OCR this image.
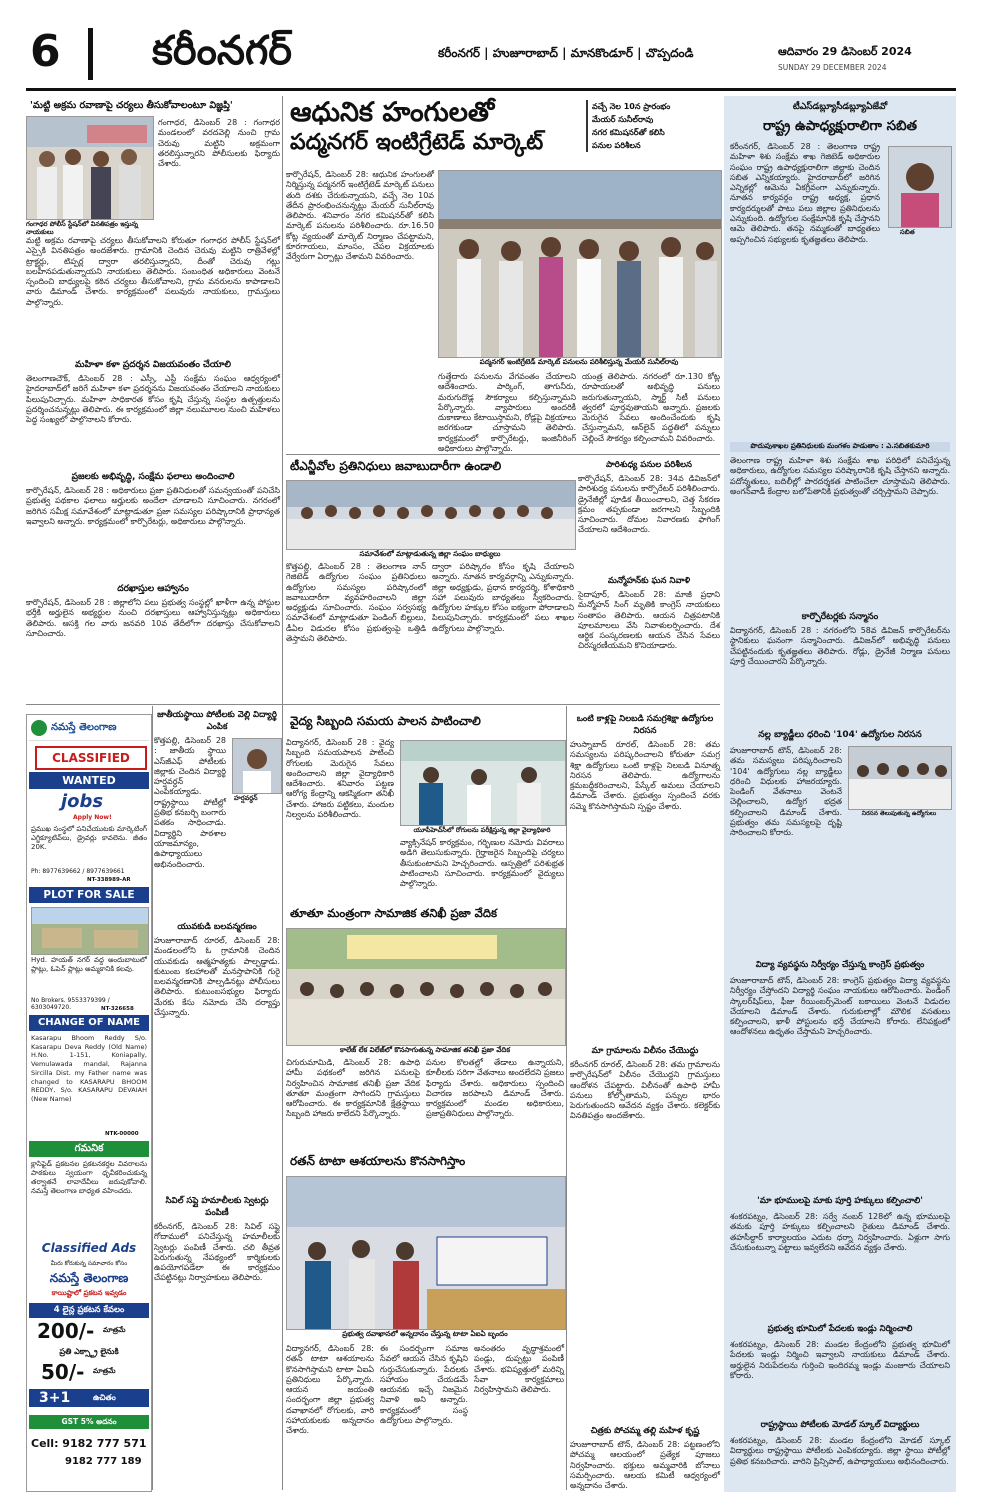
6 కరీంనగర్	కరీంనగర్ | హుజూరాబాద్ | మానకొండూర్ | చొప్పదండి	ఆదివారం 29 డిసెంబర్ 2024
SUNDAY 29 DECEMBER 2024
'మట్టి అక్రమ రవాణాపై చర్యలు తీసుకోవాలంటూ విజ్ఞప్తి'
గంగాధర పోలీస్ స్టేషన్‌లో వినతిపత్రం ఇస్తున్న నాయకులు
గంగాధర, డిసెంబర్ 28 : గంగాధర మండలంలో వరదవెల్లి నుంచి గ్రామ చెరువు మట్టిని అక్రమంగా తరలిస్తున్నారని పోలీసులకు ఫిర్యాదు చేశారు.
మట్టి అక్రమ రవాణాపై చర్యలు తీసుకోవాలని కోరుతూ గంగాధర పోలీస్ స్టేషన్‌లో ఎస్సైకి వినతిపత్రం అందజేశారు. గ్రామానికి చెందిన చెరువు మట్టిని రాత్రివేళల్లో ట్రాక్టర్లు, టిప్పర్ల ద్వారా తరలిస్తున్నారని, దీంతో చెరువు గట్లు బలహీనపడుతున్నాయని నాయకులు తెలిపారు. సంబంధిత అధికారులు వెంటనే స్పందించి బాధ్యులపై కఠిన చర్యలు తీసుకోవాలని, గ్రామ వనరులను కాపాడాలని వారు డిమాండ్ చేశారు. కార్యక్రమంలో పలువురు నాయకులు, గ్రామస్తులు పాల్గొన్నారు.
మహిళా కళా ప్రదర్శన విజయవంతం చేయాలి
తెలంగాణచౌక్, డిసెంబర్ 28 : ఎస్సీ, ఎస్టీ సంక్షేమ సంఘం ఆధ్వర్యంలో హైదరాబాద్‌లో జరిగే మహిళా కళా ప్రదర్శనను విజయవంతం చేయాలని నాయకులు పిలుపునిచ్చారు. మహిళా సాధికారత కోసం కృషి చేస్తున్న సంస్థల ఉత్పత్తులను ప్రదర్శించనున్నట్లు తెలిపారు. ఈ కార్యక్రమంలో జిల్లా నలుమూలల నుంచి మహిళలు పెద్ద సంఖ్యలో పాల్గొనాలని కోరారు.
ప్రజలకు అభివృద్ధి, సంక్షేమ ఫలాలు అందించాలి
కార్పొరేషన్, డిసెంబర్ 28 : అధికారులు ప్రజా ప్రతినిధులతో సమన్వయంతో పనిచేసి ప్రభుత్వ పథకాల ఫలాలు అర్హులకు అందేలా చూడాలని సూచించారు. నగరంలో జరిగిన సమీక్ష సమావేశంలో మాట్లాడుతూ ప్రజా సమస్యల పరిష్కారానికి ప్రాధాన్యత ఇవ్వాలని అన్నారు. కార్యక్రమంలో కార్పొరేటర్లు, అధికారులు పాల్గొన్నారు.
దరఖాస్తుల ఆహ్వానం
కార్పొరేషన్, డిసెంబర్ 28 : జిల్లాలోని పలు ప్రభుత్వ సంస్థల్లో ఖాళీగా ఉన్న పోస్టుల భర్తీకి అర్హులైన అభ్యర్థుల నుంచి దరఖాస్తులు ఆహ్వానిస్తున్నట్లు అధికారులు తెలిపారు. ఆసక్తి గల వారు జనవరి 10వ తేదీలోగా దరఖాస్తు చేసుకోవాలని సూచించారు.
నమస్తే తెలంగాణ
CLASSIFIED
WANTED
jobs
Apply Now!
ప్రముఖ సంస్థలో పనిచేయుటకు మార్కెటింగ్ ఎగ్జిక్యూటివ్‌లు, డ్రైవర్లు కావలెను. జీతం 20K.
Ph: 8977639662 / 8977639661
NT-338989-AR
PLOT FOR SALE
Hyd. హయత్ నగర్ వద్ద అందుబాటులో ప్లాట్లు, ఓపెన్ ప్లాట్లు అమ్మకానికి కలవు.
No Brokers. 9553379399 / 6303049720.	NT-326658
CHANGE OF NAME
Kasarapu Bhoom Reddy S/o. Kasarapu Deva Reddy (Old Name) H.No. 1-151, Koniapally, Vemulawada mandal, Rajanna Sircilla Dist. my Father name was changed to KASARAPU BHOOM REDDY, S/o. KASARAPU DEVAIAH (New Name)
NTK-00000
గమనిక
క్లాసిఫైడ్ ప్రకటనల ప్రకటనకర్తల వివరాలను పాఠకులు స్వయంగా ధృవీకరించుకున్న తర్వాతనే లావాదేవీలు జరుపుకోవాలి. నమస్తే తెలంగాణ బాధ్యత వహించదు.
Classified Ads
మీరు కోరుకున్న సమాచారం కోసం
నమస్తే తెలంగాణ
కాయిష్టాలో ప్రకటన ఇవ్వడం
4 లైన్ల ప్రకటన కేవలం
200/- మాత్రమే
ప్రతి ఎక్స్ట్రా లైనుకి
50/- మాత్రమే
3+1	ఉచితం
GST 5% అదనం
Cell: 9182 777 571
9182 777 189
జాతీయస్థాయి పోటీలకు వెల్లి విద్యార్థి ఎంపిక
కొత్తపల్లి, డిసెంబర్ 28 : జాతీయ స్థాయి ఎస్‌జీఎఫ్ పోటీలకు జిల్లాకు చెందిన విద్యార్థి హర్షవర్ధన్ ఎంపికయ్యాడు. రాష్ట్రస్థాయి పోటీల్లో ప్రతిభ కనబర్చి బంగారు పతకం సాధించాడు. విద్యార్థిని పాఠశాల యాజమాన్యం, ఉపాధ్యాయులు అభినందించారు.
హర్షవర్ధన్
యువకుడి బలవన్మరణం
హుజూరాబాద్ రూరల్, డిసెంబర్ 28: మండలంలోని ఓ గ్రామానికి చెందిన యువకుడు ఆత్మహత్యకు పాల్పడ్డాడు. కుటుంబ కలహాలతో మనస్తాపానికి గురై బలవన్మరణానికి పాల్పడినట్లు పోలీసులు తెలిపారు. కుటుంబసభ్యుల ఫిర్యాదు మేరకు కేసు నమోదు చేసి దర్యాప్తు చేస్తున్నారు.
సివిల్ సప్లై హమాలీలకు స్వెటర్లు పంపిణీ
కరీంనగర్, డిసెంబర్ 28: సివిల్ సప్లై గోదాములో పనిచేస్తున్న హమాలీలకు స్వెటర్లు పంపిణీ చేశారు. చలి తీవ్రత పెరుగుతున్న నేపథ్యంలో కార్మికులకు ఉపయోగపడేలా ఈ కార్యక్రమం చేపట్టినట్లు నిర్వాహకులు తెలిపారు.
ఆధునిక హంగులతో
పద్మనగర్ ఇంటిగ్రేటెడ్ మార్కెట్
వచ్చే నెల 10న ప్రారంభం
మేయర్ సునీల్‌రావు
నగర కమిషనర్‌తో కలిసి
పనుల పరిశీలన
కార్పొరేషన్, డిసెంబర్ 28: ఆధునిక హంగులతో నిర్మిస్తున్న పద్మనగర్ ఇంటిగ్రేటెడ్ మార్కెట్ పనులు తుది దశకు చేరుకున్నాయని, వచ్చే నెల 10వ తేదీన ప్రారంభించనున్నట్లు మేయర్ సునీల్‌రావు తెలిపారు. శనివారం నగర కమిషనర్‌తో కలిసి మార్కెట్ పనులను పరిశీలించారు. రూ.16.50 కోట్ల వ్యయంతో మార్కెట్ నిర్మాణం చేపట్టామని, కూరగాయలు, మాంసం, చేపల విక్రయాలకు వేర్వేరుగా ఏర్పాట్లు చేశామని వివరించారు.
పద్మనగర్ ఇంటిగ్రేటెడ్ మార్కెట్ పనులను పరిశీలిస్తున్న మేయర్ సునీల్‌రావు
గుత్తేదారు పనులను వేగవంతం చేయాలని ఆదేశించారు. పార్కింగ్, తాగునీరు, మరుగుదొడ్ల సౌకర్యాలు కల్పిస్తున్నామని పేర్కొన్నారు. వ్యాపారులు అందరికీ దుకాణాలు కేటాయిస్తామని, రోడ్లపై విక్రయాలు జరగకుండా చూస్తామని తెలిపారు. కార్యక్రమంలో కార్పొరేటర్లు, ఇంజినీరింగ్ అధికారులు పాల్గొన్నారు.
యంత్ర తెలిపారు. నగరంలో రూ.130 కోట్ల రూపాయలతో అభివృద్ధి పనులు జరుగుతున్నాయని, స్మార్ట్ సిటీ పనులు త్వరలో పూర్తవుతాయని అన్నారు. ప్రజలకు మెరుగైన సేవలు అందించేందుకు కృషి చేస్తున్నామని, ఆన్‌లైన్ పద్ధతిలో పన్నులు చెల్లించే సౌకర్యం కల్పించామని వివరించారు.
టీఎన్జీవోల ప్రతినిధులు జవాబుదారీగా ఉండాలి
సమావేశంలో మాట్లాడుతున్న జిల్లా సంఘం బాధ్యులు
కొత్తపల్లి, డిసెంబర్ 28 : తెలంగాణ నాన్ గెజిటెడ్ ఉద్యోగుల సంఘం ప్రతినిధులు ఉద్యోగుల సమస్యల పరిష్కారంలో జవాబుదారీగా వ్యవహరించాలని జిల్లా అధ్యక్షుడు సూచించారు. సంఘం సర్వసభ్య సమావేశంలో మాట్లాడుతూ పెండింగ్ బిల్లులు, డీఏల విడుదల కోసం ప్రభుత్వంపై ఒత్తిడి తెస్తామని తెలిపారు.
ద్వారా పరిష్కారం కోసం కృషి చేయాలని అన్నారు. నూతన కార్యవర్గాన్ని ఎన్నుకున్నారు. జిల్లా అధ్యక్షుడు, ప్రధాన కార్యదర్శి, కోశాధికారి సహా పలువురు బాధ్యతలు స్వీకరించారు. ఉద్యోగుల హక్కుల కోసం ఐక్యంగా పోరాడాలని పిలుపునిచ్చారు. కార్యక్రమంలో పలు శాఖల ఉద్యోగులు పాల్గొన్నారు.
పారిశుధ్య పనుల పరిశీలన
కార్పొరేషన్, డిసెంబర్ 28: 34వ డివిజన్‌లో పారిశుధ్య పనులను కార్పొరేటర్ పరిశీలించారు. డ్రైనేజీల్లో పూడిక తీయించాలని, చెత్త సేకరణ క్రమం తప్పకుండా జరగాలని సిబ్బందికి సూచించారు. దోమల నివారణకు ఫాగింగ్ చేయాలని ఆదేశించారు.
మన్మోహన్‌కు ఘన నివాళి
సైదాపూర్, డిసెంబర్ 28: మాజీ ప్రధాని మన్మోహన్ సింగ్ మృతికి కాంగ్రెస్ నాయకులు సంతాపం తెలిపారు. ఆయన చిత్రపటానికి పూలమాలలు వేసి నివాళులర్పించారు. దేశ ఆర్థిక సంస్కరణలకు ఆయన చేసిన సేవలు చిరస్మరణీయమని కొనియాడారు.
వైద్య సిబ్బంది సమయ పాలన పాటించాలి
విద్యానగర్, డిసెంబర్ 28 : వైద్య సిబ్బంది సమయపాలన పాటించి రోగులకు మెరుగైన సేవలు అందించాలని జిల్లా వైద్యాధికారి ఆదేశించారు. శనివారం పట్టణ ఆరోగ్య కేంద్రాన్ని ఆకస్మికంగా తనిఖీ చేశారు. హాజరు పట్టికలు, మందుల నిల్వలను పరిశీలించారు.
యూపీహెచ్‌సీలో రోగులను పరీక్షిస్తున్న జిల్లా వైద్యాధికారి
వ్యాక్సినేషన్ కార్యక్రమం, గర్భిణుల నమోదు వివరాలు అడిగి తెలుసుకున్నారు. గైర్హాజరైన సిబ్బందిపై చర్యలు తీసుకుంటామని హెచ్చరించారు. ఆస్పత్రిలో పరిశుభ్రత పాటించాలని సూచించారు. కార్యక్రమంలో వైద్యులు పాల్గొన్నారు.
ఒంటి కాళ్లపై నిలబడి సమగ్రశిక్షా ఉద్యోగుల నిరసన
హుస్నాబాద్ రూరల్, డిసెంబర్ 28: తమ సమస్యలను పరిష్కరించాలని కోరుతూ సమగ్ర శిక్షా ఉద్యోగులు ఒంటి కాళ్లపై నిలబడి వినూత్న నిరసన తెలిపారు. ఉద్యోగాలను క్రమబద్ధీకరించాలని, పేస్కేల్ అమలు చేయాలని డిమాండ్ చేశారు. ప్రభుత్వం స్పందించే వరకు సమ్మె కొనసాగిస్తామని స్పష్టం చేశారు.
మా గ్రామాలను విలీనం చేయొద్దు
కరీంనగర్ రూరల్, డిసెంబర్ 28: తమ గ్రామాలను కార్పొరేషన్‌లో విలీనం చేయొద్దని గ్రామస్తులు ఆందోళన చేపట్టారు. విలీనంతో ఉపాధి హామీ పనులు కోల్పోతామని, పన్నుల భారం పెరుగుతుందని ఆవేదన వ్యక్తం చేశారు. కలెక్టర్‌కు వినతిపత్రం అందజేశారు.
చిత్రకు పోచమ్మ తల్లి మహిళ కృష్ణ
హుజూరాబాద్ టౌన్, డిసెంబర్ 28: పట్టణంలోని పోచమ్మ ఆలయంలో ప్రత్యేక పూజలు నిర్వహించారు. భక్తులు అమ్మవారికి బోనాలు సమర్పించారు. ఆలయ కమిటీ ఆధ్వర్యంలో అన్నదానం చేశారు.
తూతూ మంత్రంగా సామాజిక తనిఖీ ప్రజా వేదిక
కాలేజ్ లేక విలేజ్‌లో కొనసాగుతున్న సామాజిక తనిఖీ ప్రజా వేదిక
చిగురుమామిడి, డిసెంబర్ 28: ఉపాధి హామీ పథకంలో జరిగిన పనులపై నిర్వహించిన సామాజిక తనిఖీ ప్రజా వేదిక తూతూ మంత్రంగా సాగిందని గ్రామస్తులు ఆరోపించారు. ఈ కార్యక్రమానికి క్షేత్రస్థాయి సిబ్బంది హాజరు కాలేదని పేర్కొన్నారు.
పనుల కొలతల్లో తేడాలు ఉన్నాయని, కూలీలకు సరిగా వేతనాలు అందలేదని ప్రజలు ఫిర్యాదు చేశారు. అధికారులు స్పందించి విచారణ జరపాలని డిమాండ్ చేశారు. కార్యక్రమంలో మండల అధికారులు, ప్రజాప్రతినిధులు పాల్గొన్నారు.
రతన్ టాటా ఆశయాలను కొనసాగిస్తాం
ప్రభుత్వ దవాఖానలో అన్నదానం చేస్తున్న టాటా ఏఐఏ బృందం
విద్యానగర్, డిసెంబర్ 28: రతన్ టాటా ఆశయాలను కొనసాగిస్తామని టాటా ఏఐఏ ప్రతినిధులు పేర్కొన్నారు. ఆయన జయంతి సందర్భంగా జిల్లా ప్రభుత్వ దవాఖానలో రోగులకు, వారి సహాయకులకు అన్నదానం చేశారు.
ఈ సందర్భంగా సమాజ సేవలో ఆయన చేసిన కృషిని గుర్తుచేసుకున్నారు. పేదలకు సహాయం చేయడమే ఆయనకు ఇచ్చే నిజమైన నివాళి అని అన్నారు. కార్యక్రమంలో సంస్థ ఉద్యోగులు పాల్గొన్నారు.
అనంతరం వృద్ధాశ్రమంలో పండ్లు, దుప్పట్లు పంపిణీ చేశారు. భవిష్యత్తులో మరిన్ని సేవా కార్యక్రమాలు నిర్వహిస్తామని తెలిపారు.
టీఎస్‌డబ్ల్యూసీడబ్ల్యూఏజేవో
రాష్ట్ర ఉపాధ్యక్షురాలిగా సబిత
కరీంనగర్, డిసెంబర్ 28 : తెలంగాణ రాష్ట్ర మహిళా శిశు సంక్షేమ శాఖ గెజిటెడ్ అధికారుల సంఘం రాష్ట్ర ఉపాధ్యక్షురాలిగా జిల్లాకు చెందిన సబిత ఎన్నికయ్యారు. హైదరాబాద్‌లో జరిగిన ఎన్నికల్లో ఆమెను ఏకగ్రీవంగా ఎన్నుకున్నారు. నూతన కార్యవర్గం రాష్ట్ర అధ్యక్ష, ప్రధాన కార్యదర్శులతో పాటు పలు జిల్లాల ప్రతినిధులను ఎన్నుకుంది. ఉద్యోగుల సంక్షేమానికి కృషి చేస్తానని ఆమె తెలిపారు. తనపై నమ్మకంతో బాధ్యతలు అప్పగించిన సభ్యులకు కృతజ్ఞతలు తెలిపారు.
సబిత
పొదుపుశాఖల ప్రతినిధులకు మంగళం పాడుతాం : ఎ.సబితకుమారి
తెలంగాణ రాష్ట్ర మహిళా శిశు సంక్షేమ శాఖ పరిధిలో పనిచేస్తున్న అధికారులు, ఉద్యోగుల సమస్యల పరిష్కారానికి కృషి చేస్తానని అన్నారు. పదోన్నతులు, బదిలీల్లో పారదర్శకత పాటించేలా చూస్తామని తెలిపారు. అంగన్‌వాడీ కేంద్రాల బలోపేతానికి ప్రభుత్వంతో చర్చిస్తామని చెప్పారు.
కార్పొరేటర్లకు సన్మానం
విద్యానగర్, డిసెంబర్ 28 : నగరంలోని 58వ డివిజన్ కార్పొరేటర్‌ను స్థానికులు ఘనంగా సన్మానించారు. డివిజన్‌లో అభివృద్ధి పనులు చేపట్టినందుకు కృతజ్ఞతలు తెలిపారు. రోడ్లు, డ్రైనేజీ నిర్మాణ పనులు పూర్తి చేయించారని పేర్కొన్నారు.
నల్ల బ్యాడ్జీలు ధరించి '104' ఉద్యోగుల నిరసన
హుజూరాబాద్ టౌన్, డిసెంబర్ 28: తమ సమస్యలు పరిష్కరించాలని '104' ఉద్యోగులు నల్ల బ్యాడ్జీలు ధరించి విధులకు హాజరయ్యారు. పెండింగ్ వేతనాలు వెంటనే చెల్లించాలని, ఉద్యోగ భద్రత కల్పించాలని డిమాండ్ చేశారు. ప్రభుత్వం తమ సమస్యలపై దృష్టి సారించాలని కోరారు.
నిరసన తెలుపుతున్న ఉద్యోగులు
విద్యా వ్యవస్థను నిర్వీర్యం చేస్తున్న కాంగ్రెస్ ప్రభుత్వం
హుజూరాబాద్ టౌన్, డిసెంబర్ 28: కాంగ్రెస్ ప్రభుత్వం విద్యా వ్యవస్థను నిర్వీర్యం చేస్తోందని విద్యార్థి సంఘం నాయకులు ఆరోపించారు. పెండింగ్ స్కాలర్‌షిప్‌లు, ఫీజు రీయింబర్స్‌మెంట్ బకాయిలు వెంటనే విడుదల చేయాలని డిమాండ్ చేశారు. గురుకులాల్లో మౌలిక వసతులు కల్పించాలని, ఖాళీ పోస్టులను భర్తీ చేయాలని కోరారు. లేనిపక్షంలో ఆందోళనలు ఉధృతం చేస్తామని హెచ్చరించారు.
'మా భూములపై మాకు పూర్తి హక్కులు కల్పించాలి'
శంకరపట్నం, డిసెంబర్ 28: సర్వే నంబర్ 128లో ఉన్న భూములపై తమకు పూర్తి హక్కులు కల్పించాలని రైతులు డిమాండ్ చేశారు. తహసీల్దార్ కార్యాలయం ఎదుట ధర్నా నిర్వహించారు. ఏళ్లుగా సాగు చేసుకుంటున్నా పట్టాలు ఇవ్వలేదని ఆవేదన వ్యక్తం చేశారు.
ప్రభుత్వ భూమిలో పేదలకు ఇండ్లు నిర్మించాలి
శంకరపట్నం, డిసెంబర్ 28: మండల కేంద్రంలోని ప్రభుత్వ భూమిలో పేదలకు ఇండ్లు నిర్మించి ఇవ్వాలని నాయకులు డిమాండ్ చేశారు. అర్హులైన నిరుపేదలను గుర్తించి ఇందిరమ్మ ఇండ్లు మంజూరు చేయాలని కోరారు.
రాష్ట్రస్థాయి పోటీలకు మోడల్ స్కూల్ విద్యార్థులు
శంకరపట్నం, డిసెంబర్ 28: మండల కేంద్రంలోని మోడల్ స్కూల్ విద్యార్థులు రాష్ట్రస్థాయి పోటీలకు ఎంపికయ్యారు. జిల్లా స్థాయి పోటీల్లో ప్రతిభ కనబరిచారు. వారిని ప్రిన్సిపాల్, ఉపాధ్యాయులు అభినందించారు.
